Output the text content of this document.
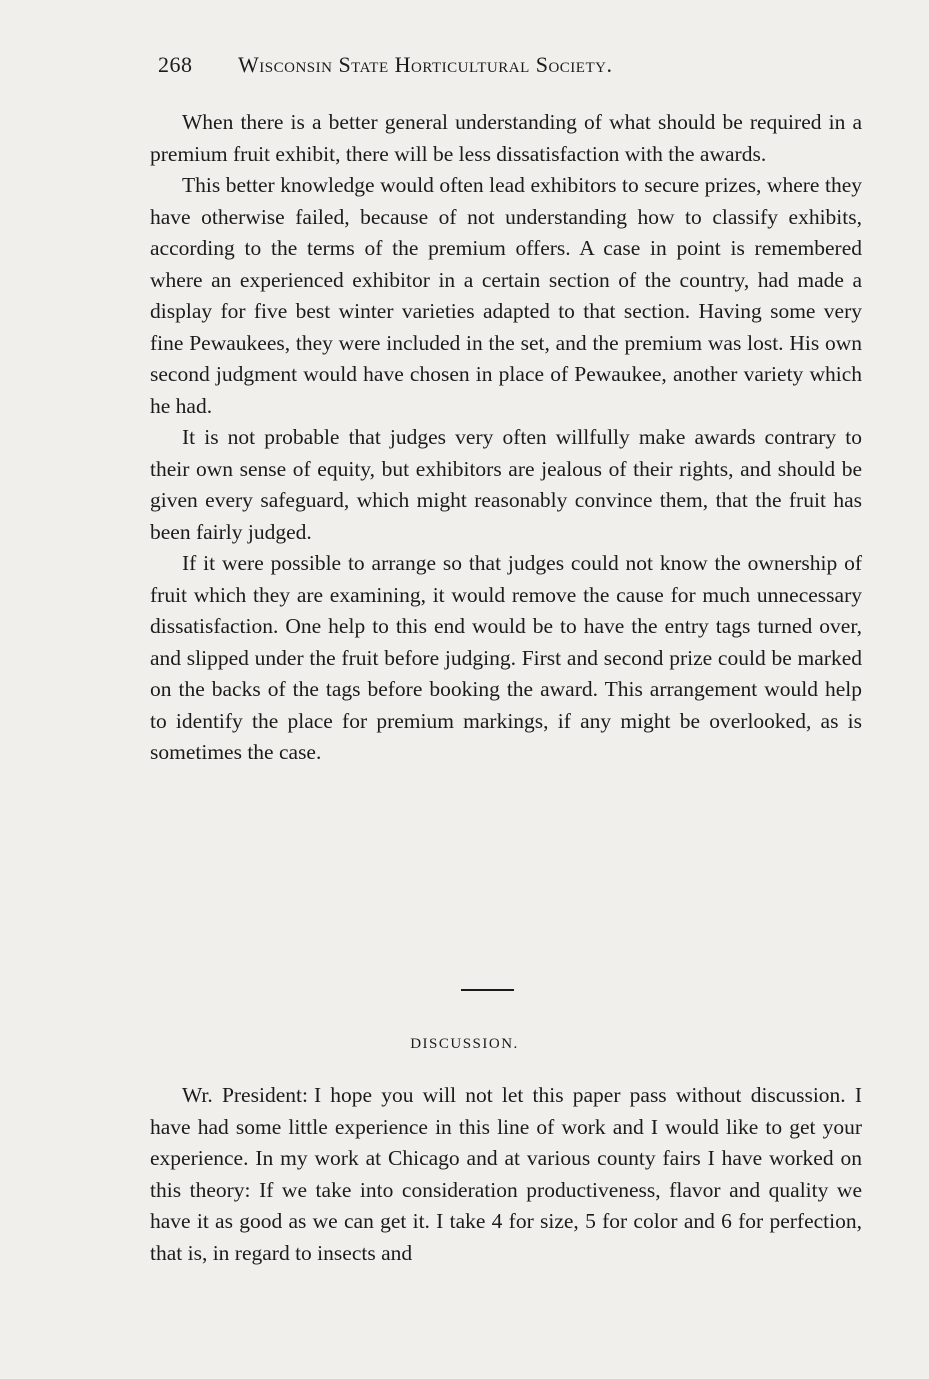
268 Wisconsin State Horticultural Society.

When there is a better general understanding of what should be required in a premium fruit exhibit, there will be less dissatisfaction with the awards.

This better knowledge would often lead exhibitors to secure prizes, where they have otherwise failed, because of not understanding how to classify exhibits, according to the terms of the premium offers. A case in point is remembered where an experienced exhibitor in a certain section of the country, had made a display for five best winter varieties adapted to that section. Having some very fine Pewaukees, they were included in the set, and the premium was lost. His own second judgment would have chosen in place of Pewaukee, another variety which he had.

It is not probable that judges very often willfully make awards contrary to their own sense of equity, but exhibitors are jealous of their rights, and should be given every safeguard, which might reasonably convince them, that the fruit has been fairly judged.

If it were possible to arrange so that judges could not know the ownership of fruit which they are examining, it would remove the cause for much unnecessary dissatisfaction. One help to this end would be to have the entry tags turned over, and slipped under the fruit before judging. First and second prize could be marked on the backs of the tags before booking the award. This arrangement would help to identify the place for premium markings, if any might be overlooked, as is sometimes the case.

DISCUSSION.

Wr. President: I hope you will not let this paper pass without discussion. I have had some little experience in this line of work and I would like to get your experience. In my work at Chicago and at various county fairs I have worked on this theory: If we take into consideration productiveness, flavor and quality we have it as good as we can get it. I take 4 for size, 5 for color and 6 for perfection, that is, in regard to insects and
